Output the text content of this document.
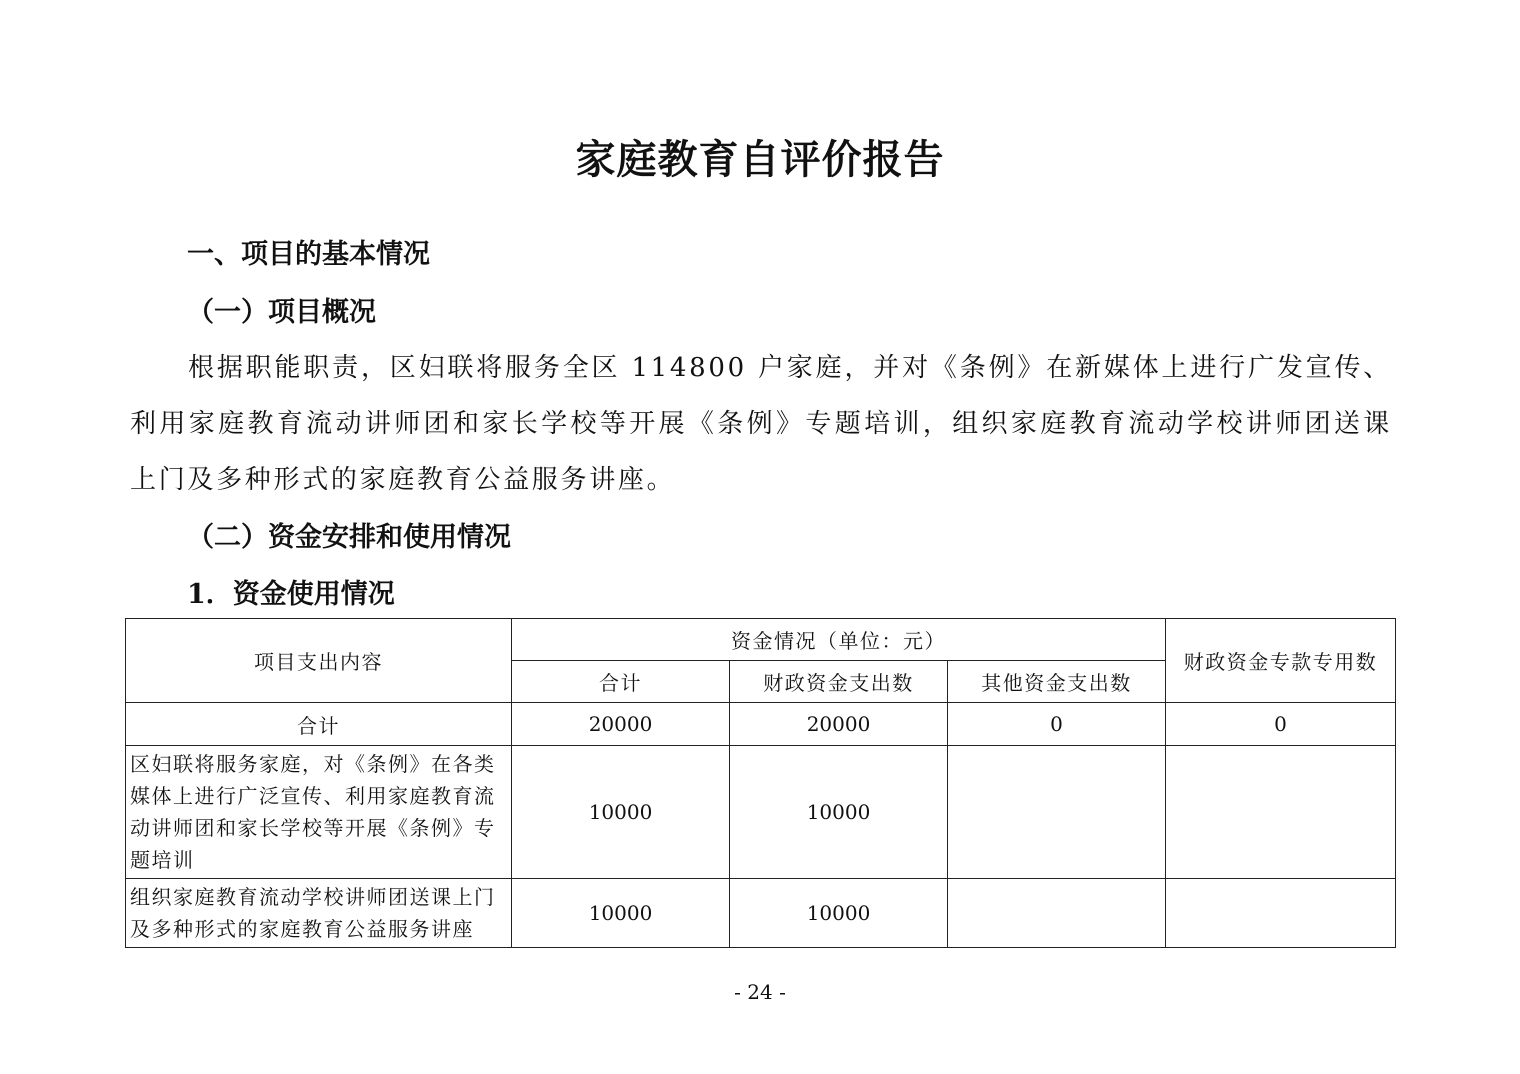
家庭教育自评价报告
一、项目的基本情况
（一）项目概况
根据职能职责，区妇联将服务全区 114800 户家庭，并对《条例》在新媒体上进行广发宣传、利用家庭教育流动讲师团和家长学校等开展《条例》专题培训，组织家庭教育流动学校讲师团送课上门及多种形式的家庭教育公益服务讲座。
（二）资金安排和使用情况
1．资金使用情况
项目支出内容	资金情况（单位：元）			财政资金专款专用数
	合计	财政资金支出数	其他资金支出数	
合计	20000	20000	0	0
区妇联将服务家庭，对《条例》在各类媒体上进行广泛宣传、利用家庭教育流动讲师团和家长学校等开展《条例》专题培训	10000	10000		
组织家庭教育流动学校讲师团送课上门及多种形式的家庭教育公益服务讲座	10000	10000		
- 24 -
